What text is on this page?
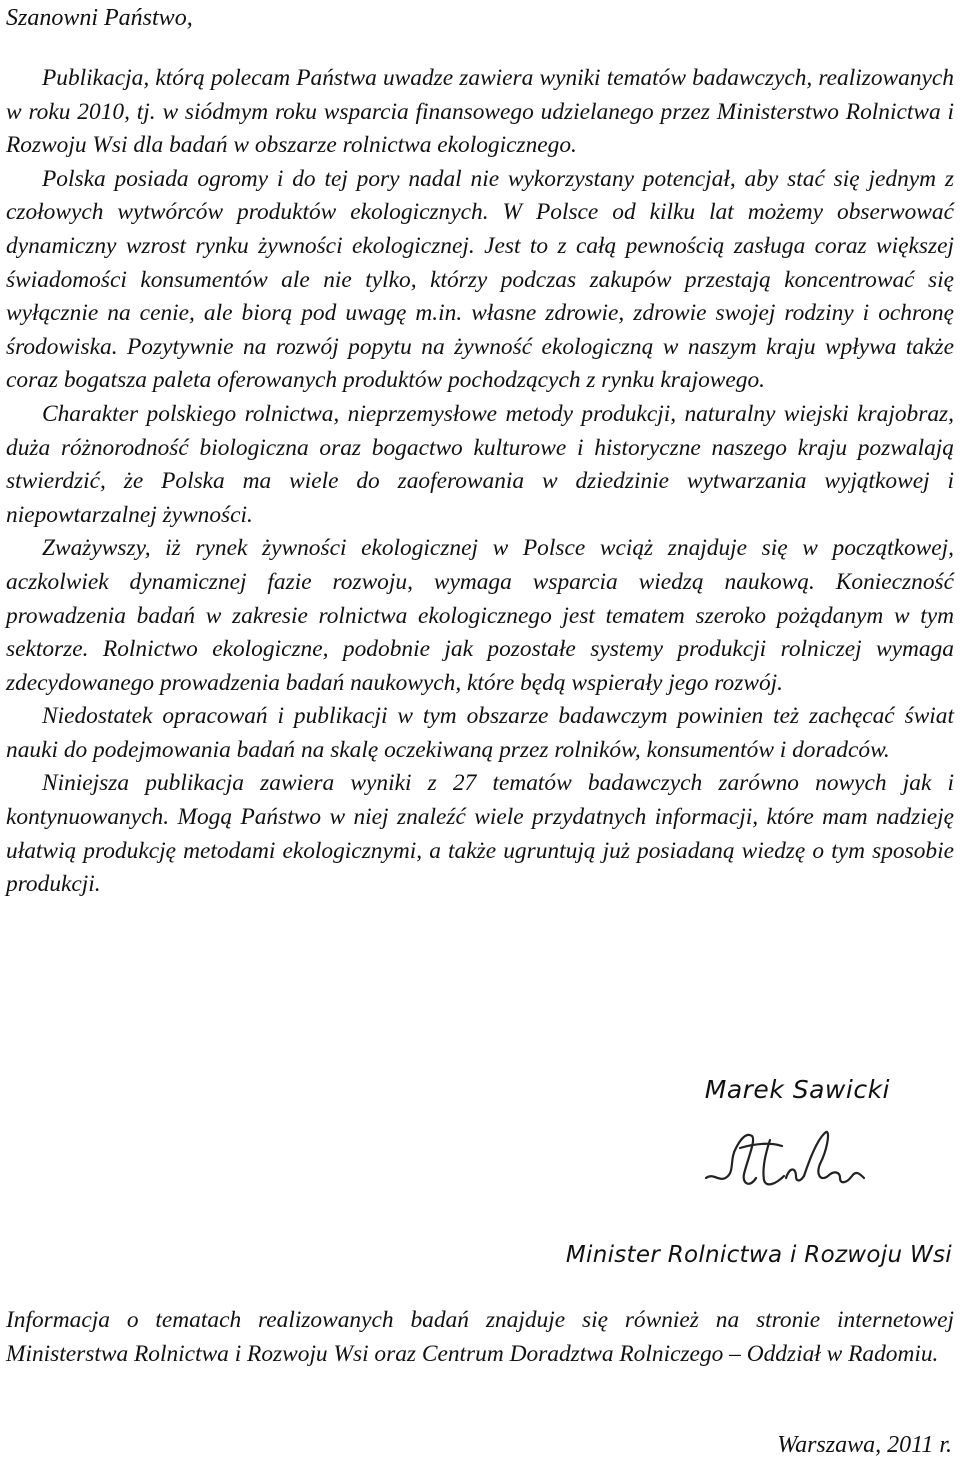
Szanowni Państwo,

Publikacja, którą polecam Państwa uwadze zawiera wyniki tematów badawczych, realizowanych w roku 2010, tj. w siódmym roku wsparcia finansowego udzielanego przez Ministerstwo Rolnictwa i Rozwoju Wsi dla badań w obszarze rolnictwa ekologicznego.

Polska posiada ogromy i do tej pory nadal nie wykorzystany potencjał, aby stać się jednym z czołowych wytwórców produktów ekologicznych. W Polsce od kilku lat możemy obserwować dynamiczny wzrost rynku żywności ekologicznej. Jest to z całą pewnością zasługa coraz większej świadomości konsumentów ale nie tylko, którzy podczas zakupów przestają koncentrować się wyłącznie na cenie, ale biorą pod uwagę m.in. własne zdrowie, zdrowie swojej rodziny i ochronę środowiska. Pozytywnie na rozwój popytu na żywność ekologiczną w naszym kraju wpływa także coraz bogatsza paleta oferowanych produktów pochodzących z rynku krajowego.

Charakter polskiego rolnictwa, nieprzemysłowe metody produkcji, naturalny wiejski krajobraz, duża różnorodność biologiczna oraz bogactwo kulturowe i historyczne naszego kraju pozwalają stwierdzić, że Polska ma wiele do zaoferowania w dziedzinie wytwarzania wyjątkowej i niepowtarzalnej żywności.

Zważywszy, iż rynek żywności ekologicznej w Polsce wciąż znajduje się w początkowej, aczkolwiek dynamicznej fazie rozwoju, wymaga wsparcia wiedzą naukową. Konieczność prowadzenia badań w zakresie rolnictwa ekologicznego jest tematem szeroko pożądanym w tym sektorze. Rolnictwo ekologiczne, podobnie jak pozostałe systemy produkcji rolniczej wymaga zdecydowanego prowadzenia badań naukowych, które będą wspierały jego rozwój.

Niedostatek opracowań i publikacji w tym obszarze badawczym powinien też zachęcać świat nauki do podejmowania badań na skalę oczekiwaną przez rolników, konsumentów i doradców.

Niniejsza publikacja zawiera wyniki z 27 tematów badawczych zarówno nowych jak i kontynuowanych. Mogą Państwo w niej znaleźć wiele przydatnych informacji, które mam nadzieję ułatwią produkcję metodami ekologicznymi, a także ugruntują już posiadaną wiedzę o tym sposobie produkcji.

Marek Sawicki
Minister Rolnictwa i Rozwoju Wsi

Informacja o tematach realizowanych badań znajduje się również na stronie internetowej Ministerstwa Rolnictwa i Rozwoju Wsi oraz Centrum Doradztwa Rolniczego – Oddział w Radomiu.

Warszawa, 2011 r.
